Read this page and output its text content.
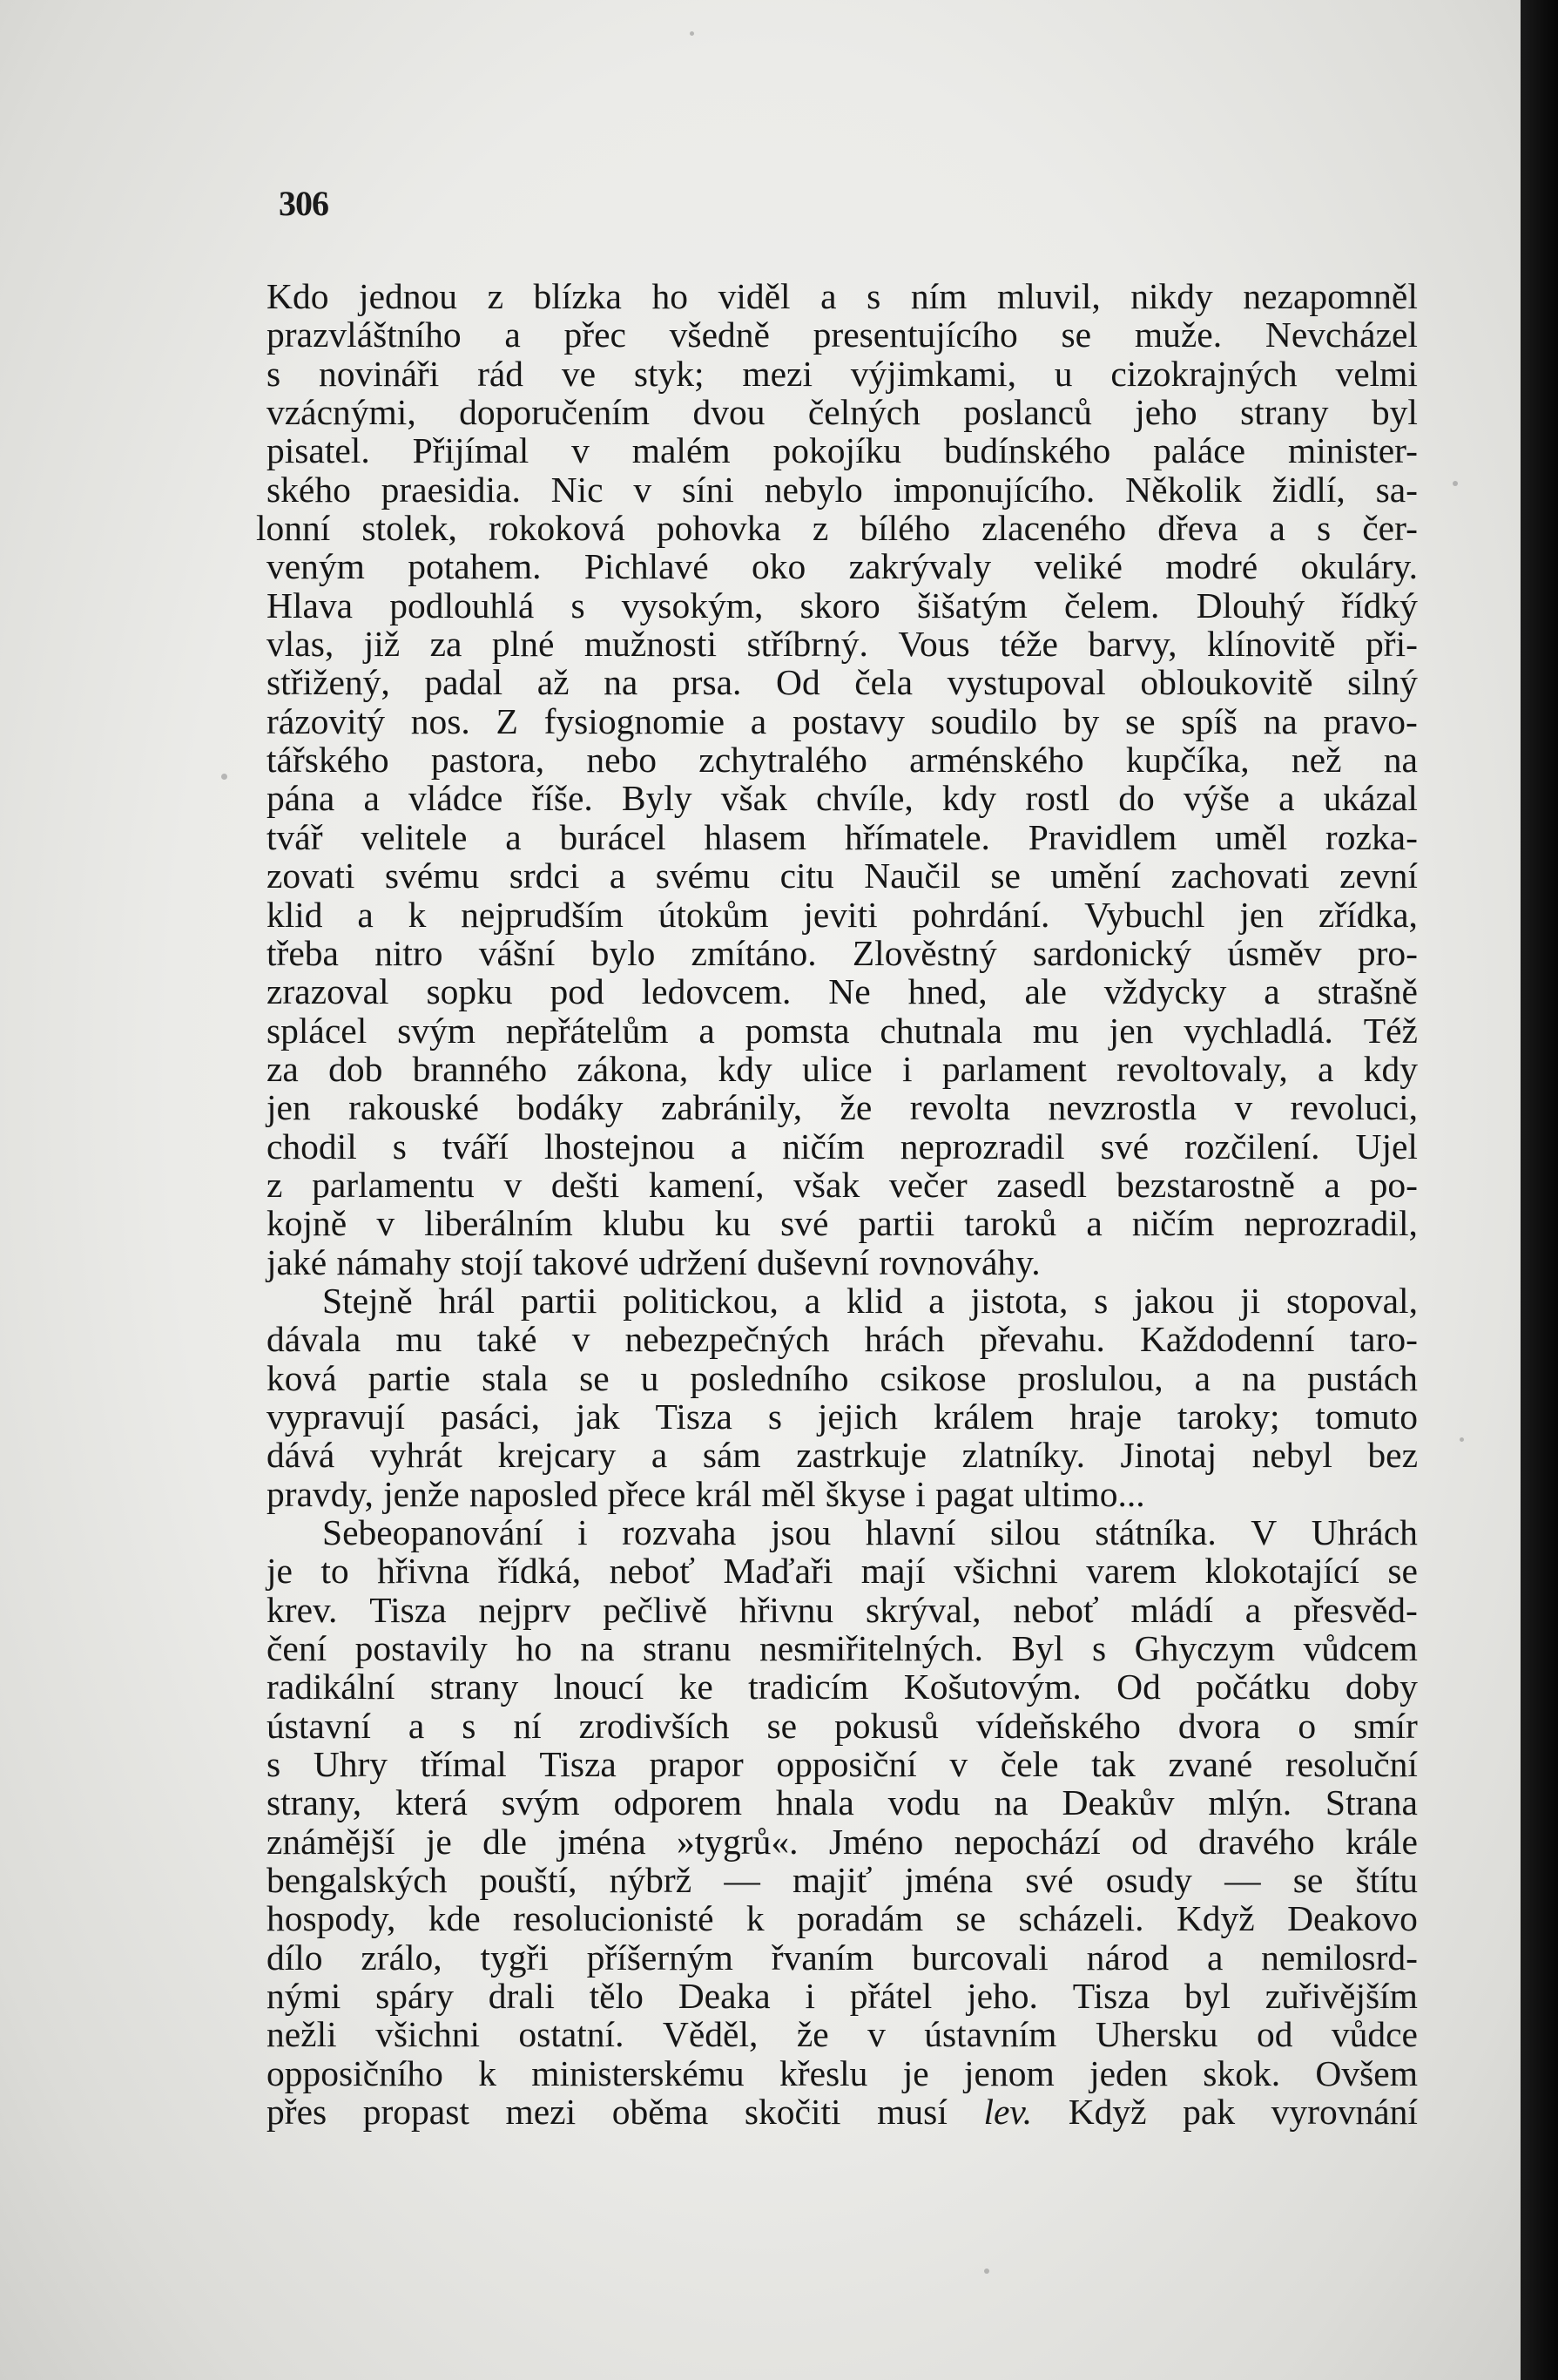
306
Kdo jednou z blízka ho viděl a s ním mluvil, nikdy nezapomněl
prazvláštního a přec všedně presentujícího se muže. Nevcházel
s novináři rád ve styk; mezi výjimkami, u cizokrajných velmi
vzácnými, doporučením dvou čelných poslanců jeho strany byl
pisatel. Přijímal v malém pokojíku budínského paláce minister-
ského praesidia. Nic v síni nebylo imponujícího. Několik židlí, sa-
lonní stolek, rokoková pohovka z bílého zlaceného dřeva a s čer-
veným potahem. Pichlavé oko zakrývaly veliké modré okuláry.
Hlava podlouhlá s vysokým, skoro šišatým čelem. Dlouhý řídký
vlas, již za plné mužnosti stříbrný. Vous téže barvy, klínovitě při-
střižený, padal až na prsa. Od čela vystupoval obloukovitě silný
rázovitý nos. Z fysiognomie a postavy soudilo by se spíš na pravo-
tářského pastora, nebo zchytralého arménského kupčíka, než na
pána a vládce říše. Byly však chvíle, kdy rostl do výše a ukázal
tvář velitele a burácel hlasem hřímatele. Pravidlem uměl rozka-
zovati svému srdci a svému citu Naučil se umění zachovati zevní
klid a k nejprudším útokům jeviti pohrdání. Vybuchl jen zřídka,
třeba nitro vášní bylo zmítáno. Zlověstný sardonický úsměv pro-
zrazoval sopku pod ledovcem. Ne hned, ale vždycky a strašně
splácel svým nepřátelům a pomsta chutnala mu jen vychladlá. Též
za dob branného zákona, kdy ulice i parlament revoltovaly, a kdy
jen rakouské bodáky zabránily, že revolta nevzrostla v revoluci,
chodil s tváří lhostejnou a ničím neprozradil své rozčilení. Ujel
z parlamentu v dešti kamení, však večer zasedl bezstarostně a po-
kojně v liberálním klubu ku své partii taroků a ničím neprozradil,
jaké námahy stojí takové udržení duševní rovnováhy.
Stejně hrál partii politickou, a klid a jistota, s jakou ji stopoval,
dávala mu také v nebezpečných hrách převahu. Každodenní taro-
ková partie stala se u posledního csikose proslulou, a na pustách
vypravují pasáci, jak Tisza s jejich králem hraje taroky; tomuto
dává vyhrát krejcary a sám zastrkuje zlatníky. Jinotaj nebyl bez
pravdy, jenže naposled přece král měl škyse i pagat ultimo...
Sebeopanování i rozvaha jsou hlavní silou státníka. V Uhrách
je to hřivna řídká, neboť Maďaři mají všichni varem klokotající se
krev. Tisza nejprv pečlivě hřivnu skrýval, neboť mládí a přesvěd-
čení postavily ho na stranu nesmiřitelných. Byl s Ghyczym vůdcem
radikální strany lnoucí ke tradicím Košutovým. Od počátku doby
ústavní a s ní zrodivších se pokusů vídeňského dvora o smír
s Uhry třímal Tisza prapor opposiční v čele tak zvané resoluční
strany, která svým odporem hnala vodu na Deakův mlýn. Strana
známější je dle jména »tygrů«. Jméno nepochází od dravého krále
bengalských pouští, nýbrž — majiť jména své osudy — se štítu
hospody, kde resolucionisté k poradám se scházeli. Když Deakovo
dílo zrálo, tygři příšerným řvaním burcovali národ a nemilosrd-
nými spáry drali tělo Deaka i přátel jeho. Tisza byl zuřivějším
nežli všichni ostatní. Věděl, že v ústavním Uhersku od vůdce
opposičního k ministerskému křeslu je jenom jeden skok. Ovšem
přes propast mezi oběma skočiti musí lev. Když pak vyrovnání
